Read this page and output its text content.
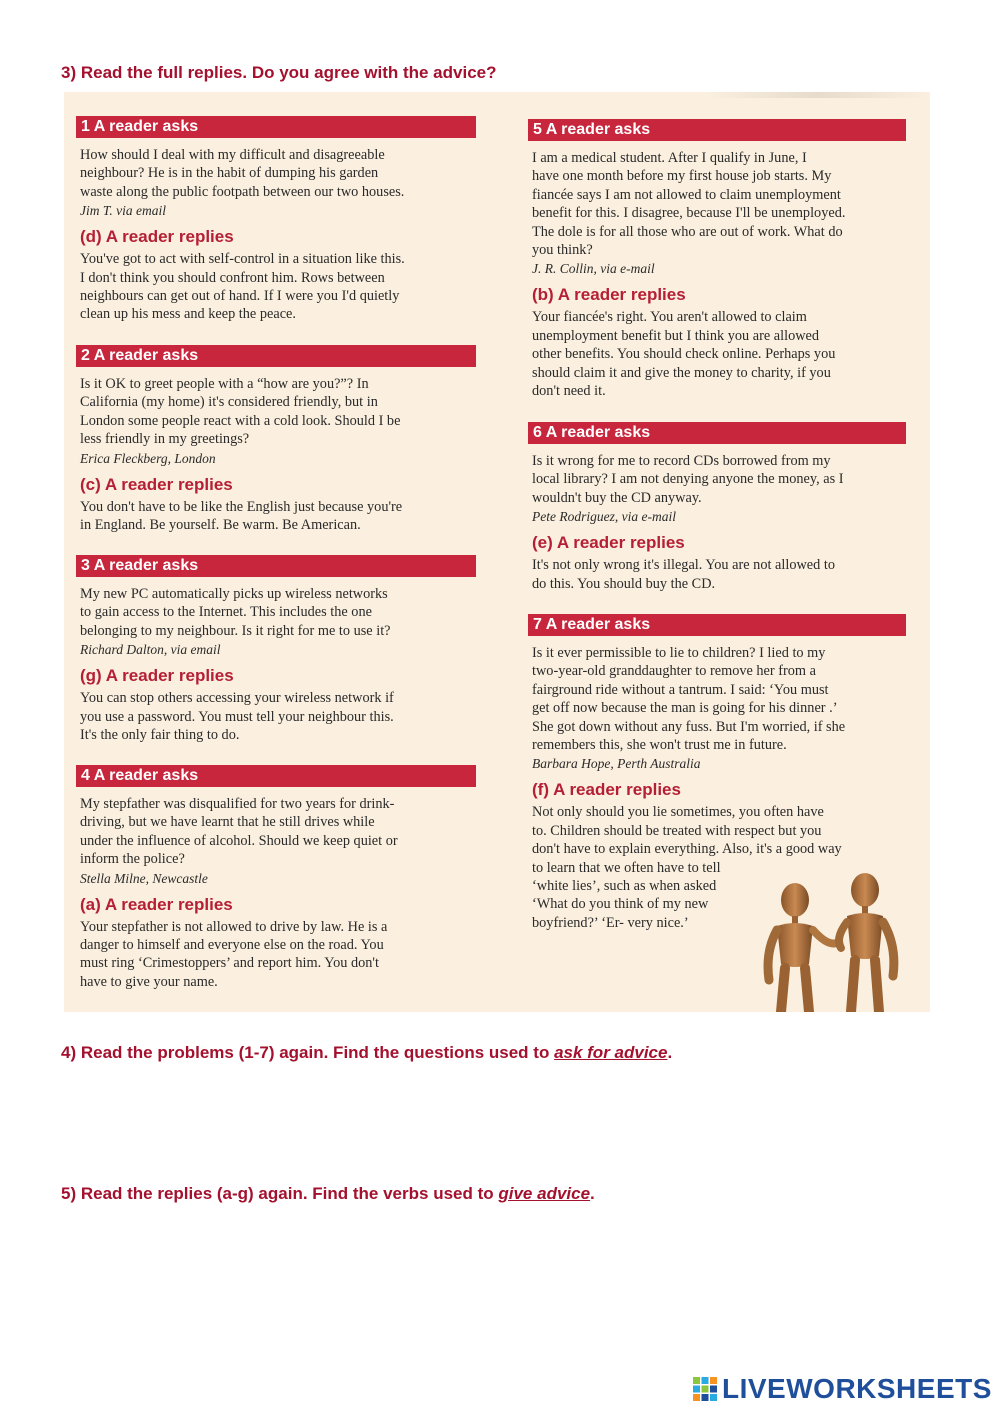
3) Read the full replies. Do you agree with the advice?
1 A reader asks

How should I deal with my difficult and disagreeable
neighbour? He is in the habit of dumping his garden
waste along the public footpath between our two houses.

Jim T. via email
(d) A reader replies

You've got to act with self-control in a situation like this.
I don't think you should confront him. Rows between
neighbours can get out of hand. If I were you I'd quietly
clean up his mess and keep the peace.

2 A reader asks

Is it OK to greet people with a “how are you?”? In
California (my home) it's considered friendly, but in
London some people react with a cold look. Should I be
less friendly in my greetings?

Erica Fleckberg, London
(c) A reader replies

You don't have to be like the English just because you're
in England. Be yourself. Be warm. Be American.

3 A reader asks

My new PC automatically picks up wireless networks
to gain access to the Internet. This includes the one
belonging to my neighbour. Is it right for me to use it?

Richard Dalton, via email
(g) A reader replies

You can stop others accessing your wireless network if
you use a password. You must tell your neighbour this.
It's the only fair thing to do.

4 A reader asks

My stepfather was disqualified for two years for drink-
driving, but we have learnt that he still drives while
under the influence of alcohol. Should we keep quiet or
inform the police?

Stella Milne, Newcastle
(a) A reader replies

Your stepfather is not allowed to drive by law. He is a
danger to himself and everyone else on the road. You
must ring ‘Crimestoppers’ and report him. You don't
have to give your name.

5 A reader asks

I am a medical student. After I qualify in June, I
have one month before my first house job starts. My
fiancée says I am not allowed to claim unemployment
benefit for this. I disagree, because I'll be unemployed.
The dole is for all those who are out of work. What do
you think?

J. R. Collin, via e-mail
(b) A reader replies

Your fiancée's right. You aren't allowed to claim
unemployment benefit but I think you are allowed
other benefits. You should check online. Perhaps you
should claim it and give the money to charity, if you
don't need it.

6 A reader asks

Is it wrong for me to record CDs borrowed from my
local library? I am not denying anyone the money, as I
wouldn't buy the CD anyway.

Pete Rodriguez, via e-mail
(e) A reader replies

It's not only wrong it's illegal. You are not allowed to
do this. You should buy the CD.

7 A reader asks

Is it ever permissible to lie to children? I lied to my
two-year-old granddaughter to remove her from a
fairground ride without a tantrum. I said: ‘You must
get off now because the man is going for his dinner .’
She got down without any fuss. But I'm worried, if she
remembers this, she won't trust me in future.

Barbara Hope, Perth Australia
(f) A reader replies

Not only should you lie sometimes, you often have
to. Children should be treated with respect but you
don't have to explain everything. Also, it's a good way
to learn that we often have to tell
‘white lies’, such as when asked
‘What do you think of my new
boyfriend?’ ‘Er- very nice.’

4) Read the problems (1-7) again. Find the questions used to ask for advice.
5) Read the replies (a-g) again. Find the verbs used to give advice.
LIVEWORKSHEETS
